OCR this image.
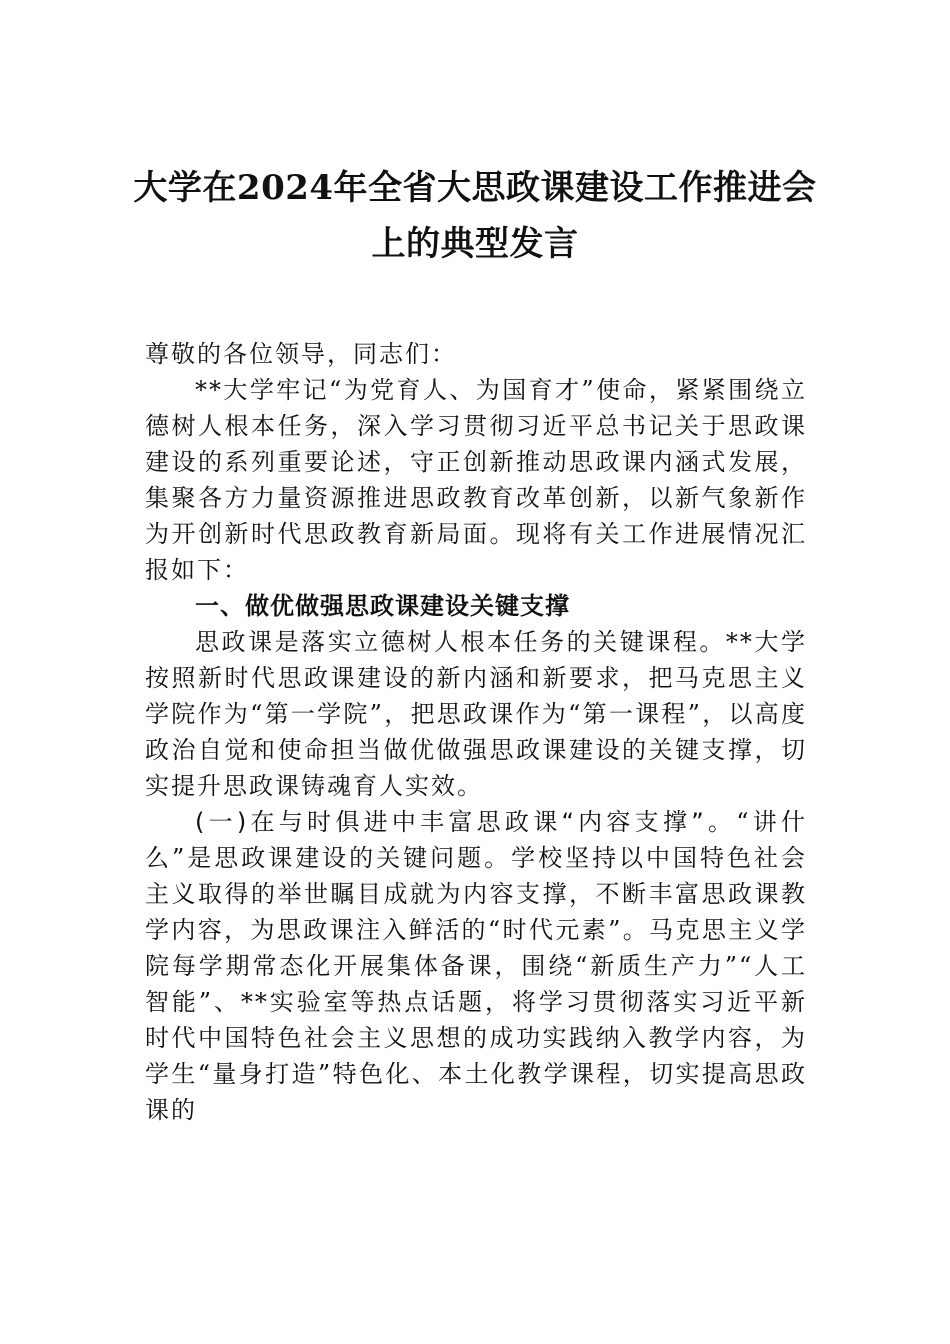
大学在2024年全省大思政课建设工作推进会上的典型发言

尊敬的各位领导，同志们：

**大学牢记“为党育人、为国育才”使命，紧紧围绕立德树人根本任务，深入学习贯彻习近平总书记关于思政课建设的系列重要论述，守正创新推动思政课内涵式发展，集聚各方力量资源推进思政教育改革创新，以新气象新作为开创新时代思政教育新局面。现将有关工作进展情况汇报如下：

一、做优做强思政课建设关键支撑

思政课是落实立德树人根本任务的关键课程。**大学按照新时代思政课建设的新内涵和新要求，把马克思主义学院作为“第一学院”，把思政课作为“第一课程”，以高度政治自觉和使命担当做优做强思政课建设的关键支撑，切实提升思政课铸魂育人实效。

(一)在与时俱进中丰富思政课“内容支撑”。“讲什么”是思政课建设的关键问题。学校坚持以中国特色社会主义取得的举世瞩目成就为内容支撑，不断丰富思政课教学内容，为思政课注入鲜活的“时代元素”。马克思主义学院每学期常态化开展集体备课，围绕“新质生产力”“人工智能”、**实验室等热点话题，将学习贯彻落实习近平新时代中国特色社会主义思想的成功实践纳入教学内容，为学生“量身打造”特色化、本土化教学课程，切实提高思政课的
